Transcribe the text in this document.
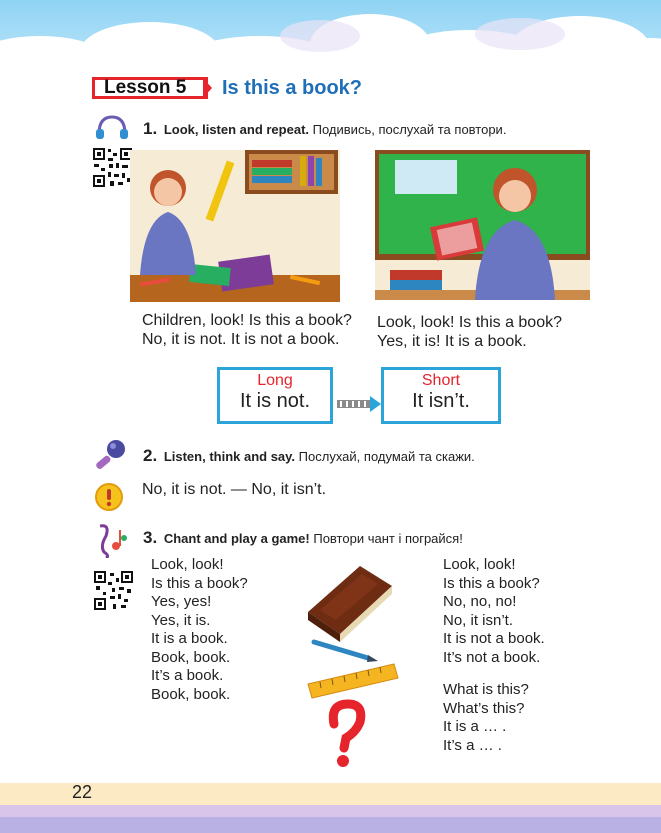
Lesson 5	Is this a book?
1. Look, listen and repeat. Подивись, послухай та повтори.
Children, look! Is this a book?
No, it is not. It is not a book.
Look, look! Is this a book?
Yes, it is! It is a book.
Long
It is not.
Short
It isn’t.
2. Listen, think and say. Послухай, подумай та скажи.
No, it is not. — No, it isn’t.
3. Chant and play a game! Повтори чант і пограйся!
Look, look!
Is this a book?
Yes, yes!
Yes, it is.
It is a book.
Book, book.
It’s a book.
Book, book.
Look, look!
Is this a book?
No, no, no!
No, it isn’t.
It is not a book.
It’s not a book.
What is this?
What’s this?
It is a … .
It’s a … .
22
